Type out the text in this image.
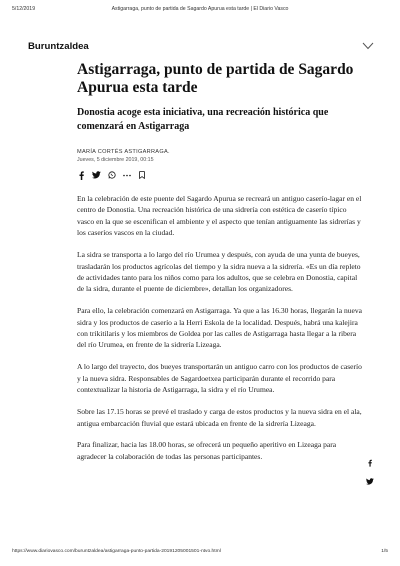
5/12/2019	Astigarraga, punto de partida de Sagardo Apurua esta tarde | El Diario Vasco
Buruntzaldea
Astigarraga, punto de partida de Sagardo Apurua esta tarde
Donostia acoge esta iniciativa, una recreación histórica que comenzará en Astigarraga
MARÍA CORTÉS ASTIGARRAGA.
Jueves, 5 diciembre 2019, 00:15

En la celebración de este puente del Sagardo Apurua se recreará un antiguo caserío-lagar en el centro de Donostia. Una recreación histórica de una sidrería con estética de caserío típico vasco en la que se escenifican el ambiente y el aspecto que tenían antiguamente las sidrerías y los caseríos vascos en la ciudad.

La sidra se transporta a lo largo del río Urumea y después, con ayuda de una yunta de bueyes, trasladarán los productos agrícolas del tiempo y la sidra nueva a la sidrería. «Es un día repleto de actividades tanto para los niños como para los adultos, que se celebra en Donostia, capital de la sidra, durante el puente de diciembre», detallan los organizadores.

Para ello, la celebración comenzará en Astigarraga. Ya que a las 16.30 horas, llegarán la nueva sidra y los productos de caserío a la Herri Eskola de la localidad. Después, habrá una kalejira con trikitilaris y los miembros de Goldea por las calles de Astigarraga hasta llegar a la ribera del río Urumea, en frente de la sidrería Lizeaga.

A lo largo del trayecto, dos bueyes transportarán un antiguo carro con los productos de caserío y la nueva sidra. Responsables de Sagardoetxea participarán durante el recorrido para contextualizar la historia de Astigarraga, la sidra y el río Urumea.

Sobre las 17.15 horas se prevé el traslado y carga de estos productos y la nueva sidra en el ala, antigua embarcación fluvial que estará ubicada en frente de la sidrería Lizeaga.

Para finalizar, hacia las 18.00 horas, se ofrecerá un pequeño aperitivo en Lizeaga para agradecer la colaboración de todas las personas participantes.

https://www.diariovasco.com/buruntzaldea/astigarraga-punto-partida-20191205001501-ntvo.html	1/5
